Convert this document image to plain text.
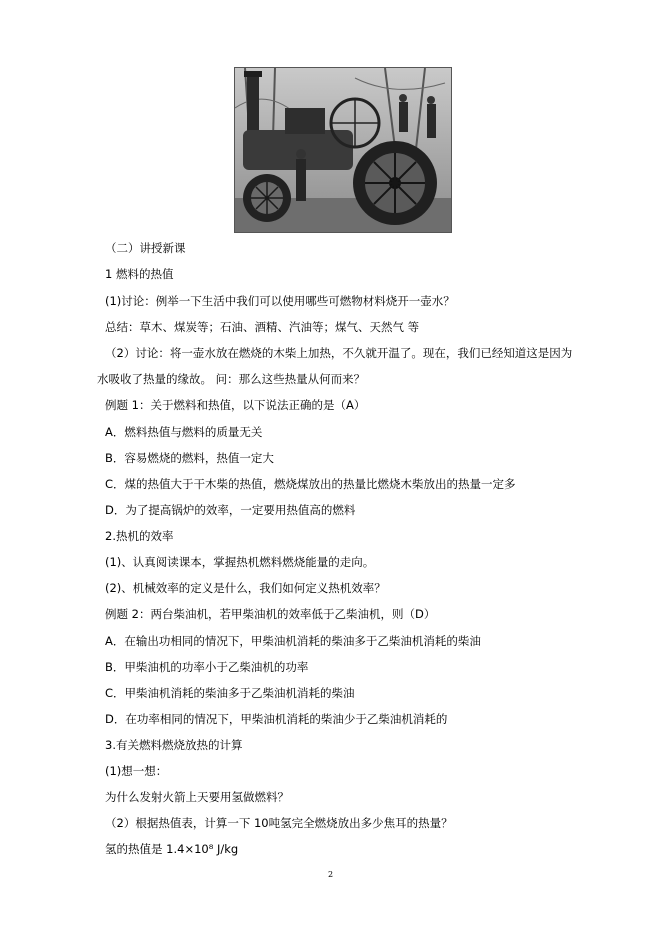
（二）讲授新课
1 燃料的热值
(1)讨论：例举一下生活中我们可以使用哪些可燃物材料烧开一壶水？
总结：草木、煤炭等；石油、酒精、汽油等；煤气、天然气 等
（2）讨论：将一壶水放在燃烧的木柴上加热，不久就开温了。现在，我们已经知道这是因为
水吸收了热量的缘故。 问：那么这些热量从何而来？
例题 1：关于燃料和热值，以下说法正确的是（A）
A．燃料热值与燃料的质量无关
B．容易燃烧的燃料，热值一定大
C．煤的热值大于干木柴的热值，燃烧煤放出的热量比燃烧木柴放出的热量一定多
D．为了提高锅炉的效率，一定要用热值高的燃料
2.热机的效率
(1)、认真阅读课本，掌握热机燃料燃烧能量的走向。
(2)、机械效率的定义是什么，我们如何定义热机效率？
例题 2：两台柴油机，若甲柴油机的效率低于乙柴油机，则（D）
A．在输出功相同的情况下，甲柴油机消耗的柴油多于乙柴油机消耗的柴油
B．甲柴油机的功率小于乙柴油机的功率
C．甲柴油机消耗的柴油多于乙柴油机消耗的柴油
D．在功率相同的情况下，甲柴油机消耗的柴油少于乙柴油机消耗的
3.有关燃料燃烧放热的计算
(1)想一想：
为什么发射火箭上天要用氢做燃料？
（2）根据热值表，计算一下 10吨氢完全燃烧放出多少焦耳的热量？
氢的热值是 1.4×10⁸ J/kg
2
